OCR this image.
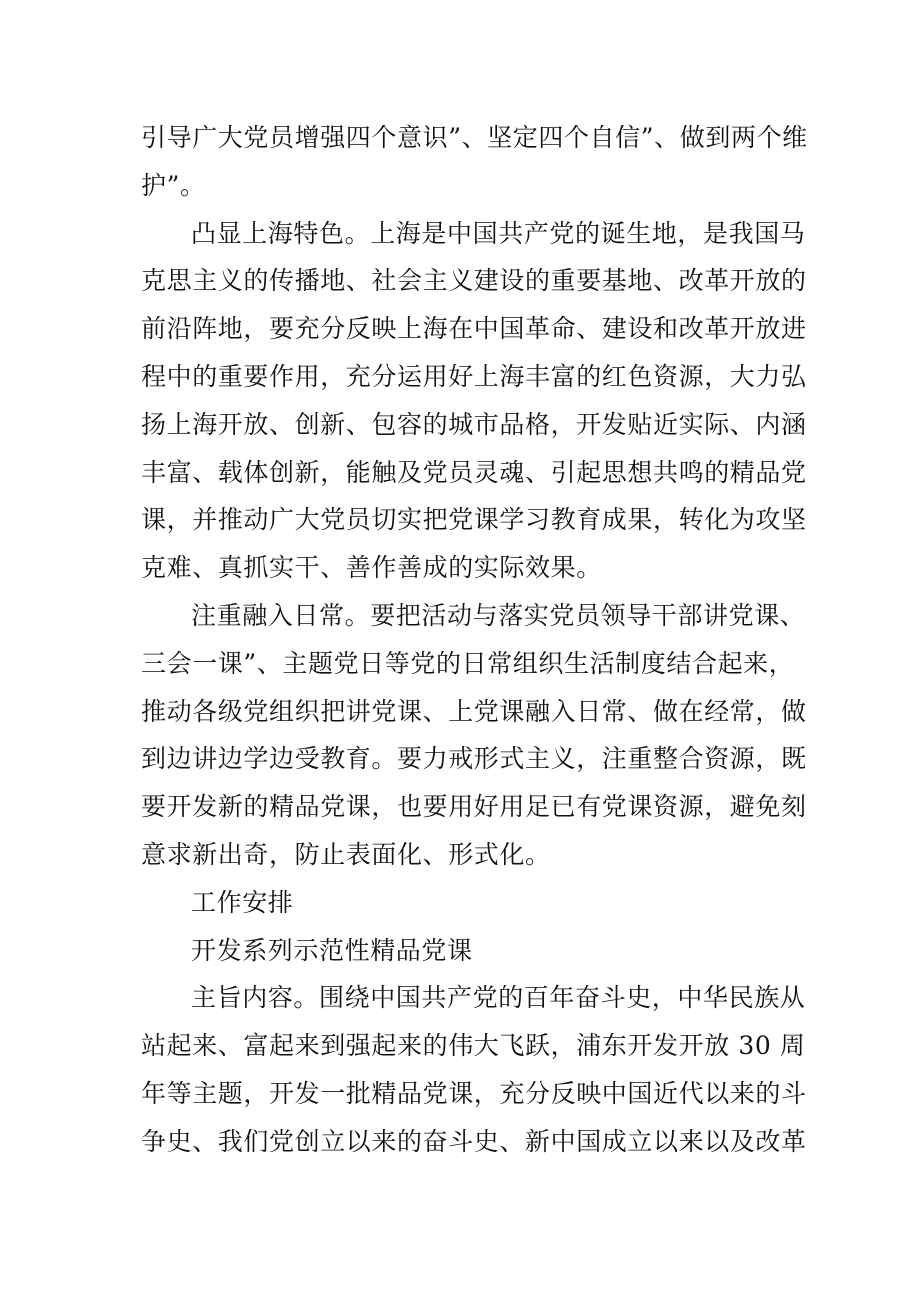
引导广大党员增强四个意识”、坚定四个自信”、做到两个维
护”。
凸显上海特色。上海是中国共产党的诞生地，是我国马
克思主义的传播地、社会主义建设的重要基地、改革开放的
前沿阵地，要充分反映上海在中国革命、建设和改革开放进
程中的重要作用，充分运用好上海丰富的红色资源，大力弘
扬上海开放、创新、包容的城市品格，开发贴近实际、内涵
丰富、载体创新，能触及党员灵魂、引起思想共鸣的精品党
课，并推动广大党员切实把党课学习教育成果，转化为攻坚
克难、真抓实干、善作善成的实际效果。
注重融入日常。要把活动与落实党员领导干部讲党课、
三会一课”、主题党日等党的日常组织生活制度结合起来，
推动各级党组织把讲党课、上党课融入日常、做在经常，做
到边讲边学边受教育。要力戒形式主义，注重整合资源，既
要开发新的精品党课，也要用好用足已有党课资源，避免刻
意求新出奇，防止表面化、形式化。
工作安排
开发系列示范性精品党课
主旨内容。围绕中国共产党的百年奋斗史，中华民族从
站起来、富起来到强起来的伟大飞跃，浦东开发开放 30 周
年等主题，开发一批精品党课，充分反映中国近代以来的斗
争史、我们党创立以来的奋斗史、新中国成立以来以及改革
